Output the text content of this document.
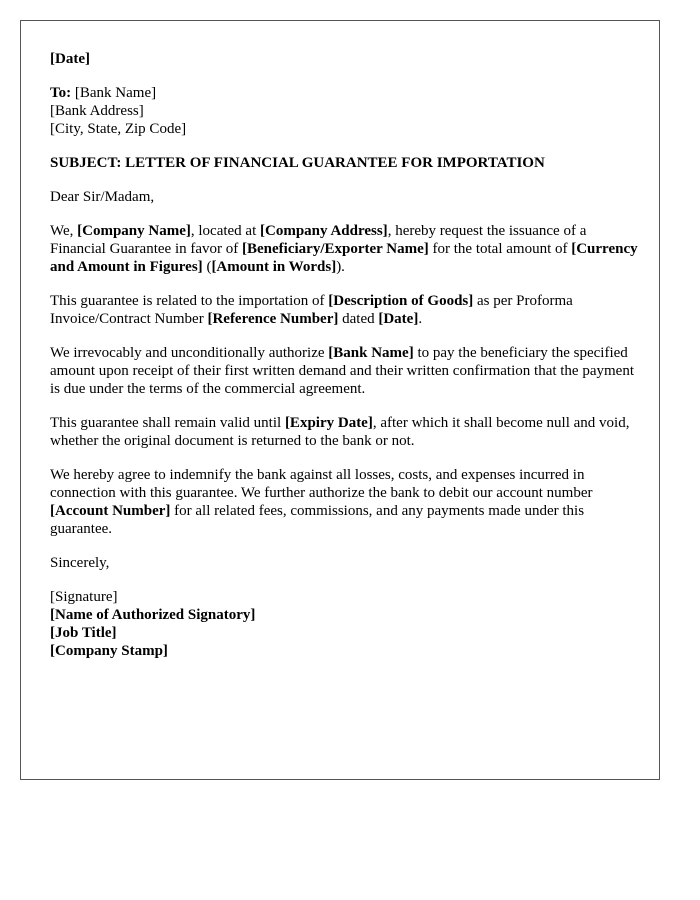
[Date]

To: [Bank Name]
[Bank Address]
[City, State, Zip Code]

SUBJECT: LETTER OF FINANCIAL GUARANTEE FOR IMPORTATION

Dear Sir/Madam,

We, [Company Name], located at [Company Address], hereby request the issuance of a Financial Guarantee in favor of [Beneficiary/Exporter Name] for the total amount of [Currency and Amount in Figures] ([Amount in Words]).

This guarantee is related to the importation of [Description of Goods] as per Proforma Invoice/Contract Number [Reference Number] dated [Date].

We irrevocably and unconditionally authorize [Bank Name] to pay the beneficiary the specified amount upon receipt of their first written demand and their written confirmation that the payment is due under the terms of the commercial agreement.

This guarantee shall remain valid until [Expiry Date], after which it shall become null and void, whether the original document is returned to the bank or not.

We hereby agree to indemnify the bank against all losses, costs, and expenses incurred in connection with this guarantee. We further authorize the bank to debit our account number [Account Number] for all related fees, commissions, and any payments made under this guarantee.

Sincerely,

[Signature]
[Name of Authorized Signatory]
[Job Title]
[Company Stamp]
